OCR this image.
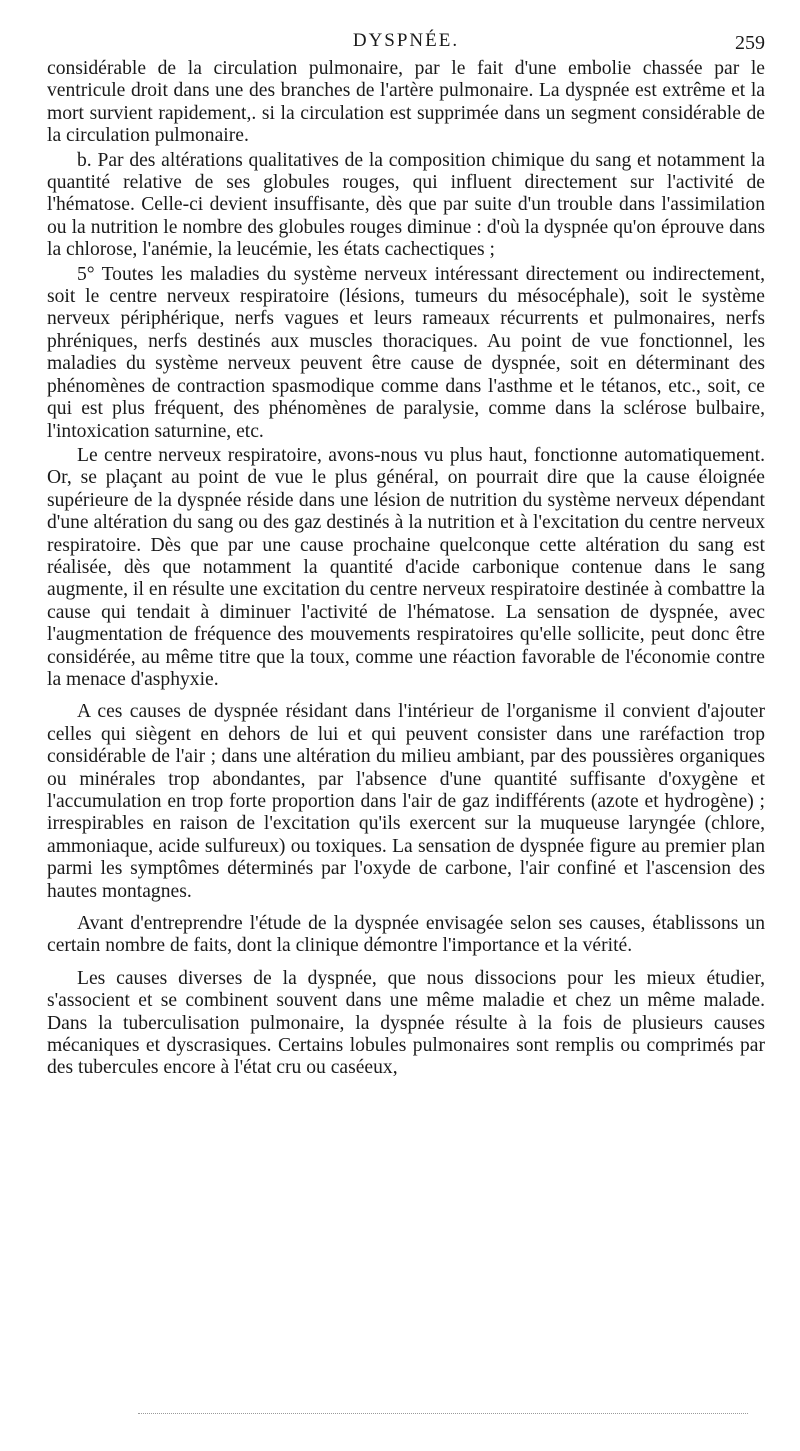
DYSPNÉE.	259

considérable de la circulation pulmonaire, par le fait d'une embolie chassée par le ventricule droit dans une des branches de l'artère pulmonaire. La dyspnée est extrême et la mort survient rapidement,. si la circulation est supprimée dans un segment considérable de la circulation pulmonaire.

b. Par des altérations qualitatives de la composition chimique du sang et notamment la quantité relative de ses globules rouges, qui influent directement sur l'activité de l'hématose. Celle-ci devient insuffisante, dès que par suite d'un trouble dans l'assimilation ou la nutrition le nombre des globules rouges diminue : d'où la dyspnée qu'on éprouve dans la chlorose, l'anémie, la leucémie, les états cachectiques ;

5° Toutes les maladies du système nerveux intéressant directement ou indirectement, soit le centre nerveux respiratoire (lésions, tumeurs du mésocéphale), soit le système nerveux périphérique, nerfs vagues et leurs rameaux récurrents et pulmonaires, nerfs phréniques, nerfs destinés aux muscles thoraciques. Au point de vue fonctionnel, les maladies du système nerveux peuvent être cause de dyspnée, soit en déterminant des phénomènes de contraction spasmodique comme dans l'asthme et le tétanos, etc., soit, ce qui est plus fréquent, des phénomènes de paralysie, comme dans la sclérose bulbaire, l'intoxication saturnine, etc.

Le centre nerveux respiratoire, avons-nous vu plus haut, fonctionne automatiquement. Or, se plaçant au point de vue le plus général, on pourrait dire que la cause éloignée supérieure de la dyspnée réside dans une lésion de nutrition du système nerveux dépendant d'une altération du sang ou des gaz destinés à la nutrition et à l'excitation du centre nerveux respiratoire. Dès que par une cause prochaine quelconque cette altération du sang est réalisée, dès que notamment la quantité d'acide carbonique contenue dans le sang augmente, il en résulte une excitation du centre nerveux respiratoire destinée à combattre la cause qui tendait à diminuer l'activité de l'hématose. La sensation de dyspnée, avec l'augmentation de fréquence des mouvements respiratoires qu'elle sollicite, peut donc être considérée, au même titre que la toux, comme une réaction favorable de l'économie contre la menace d'asphyxie.

A ces causes de dyspnée résidant dans l'intérieur de l'organisme il convient d'ajouter celles qui siègent en dehors de lui et qui peuvent consister dans une raréfaction trop considérable de l'air ; dans une altération du milieu ambiant, par des poussières organiques ou minérales trop abondantes, par l'absence d'une quantité suffisante d'oxygène et l'accumulation en trop forte proportion dans l'air de gaz indifférents (azote et hydrogène) ; irrespirables en raison de l'excitation qu'ils exercent sur la muqueuse laryngée (chlore, ammoniaque, acide sulfureux) ou toxiques. La sensation de dyspnée figure au premier plan parmi les symptômes déterminés par l'oxyde de carbone, l'air confiné et l'ascension des hautes montagnes.

Avant d'entreprendre l'étude de la dyspnée envisagée selon ses causes, établissons un certain nombre de faits, dont la clinique démontre l'importance et la vérité.

Les causes diverses de la dyspnée, que nous dissocions pour les mieux étudier, s'associent et se combinent souvent dans une même maladie et chez un même malade. Dans la tuberculisation pulmonaire, la dyspnée résulte à la fois de plusieurs causes mécaniques et dyscrasiques. Certains lobules pulmonaires sont remplis ou comprimés par des tubercules encore à l'état cru ou caséeux,
